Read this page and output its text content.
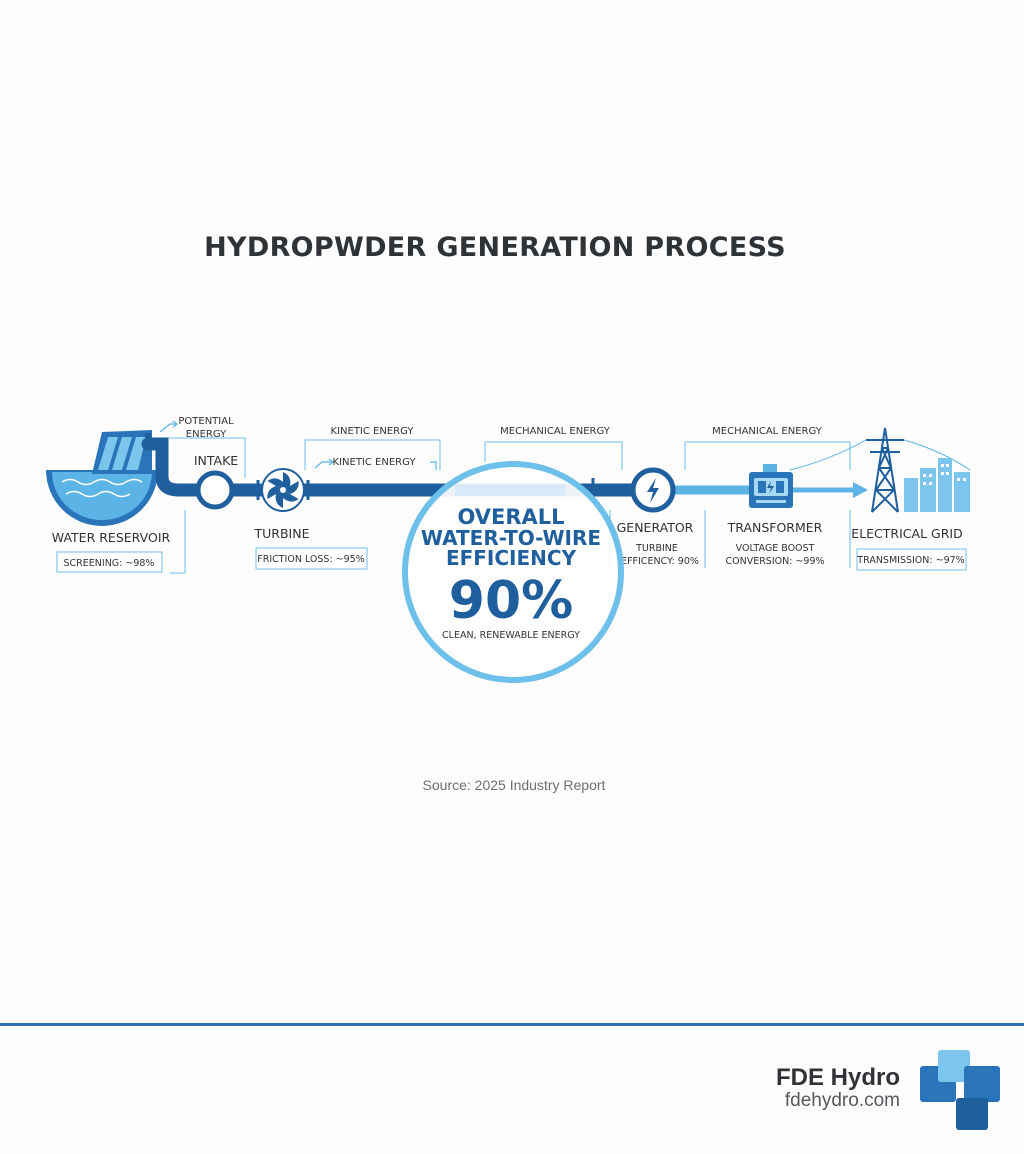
HYDROPWDER GENERATION PROCESS
POTENTIAL
ENERGY	KINETIC ENERGY
KINETIC ENERGY
MECHANICAL ENERGY	MECHANICAL ENERGY
INTAKE
WATER RESERVOIR	TURBINE	GENERATOR	TRANSFORMER ELECTRICAL GRID
SCREENING: ~98%	FRICTION LOSS: ~95%	TRANSMISSION: ~97%
TURBINE
EFFICENCY: 90%
VOLTAGE BOOST
CONVERSION: ~99%
OVERALL
WATER-TO-WIRE
EFFICIENCY
90%
CLEAN, RENEWABLE ENERGY
Source: 2025 Industry Report
FDE Hydro
fdehydro.com
